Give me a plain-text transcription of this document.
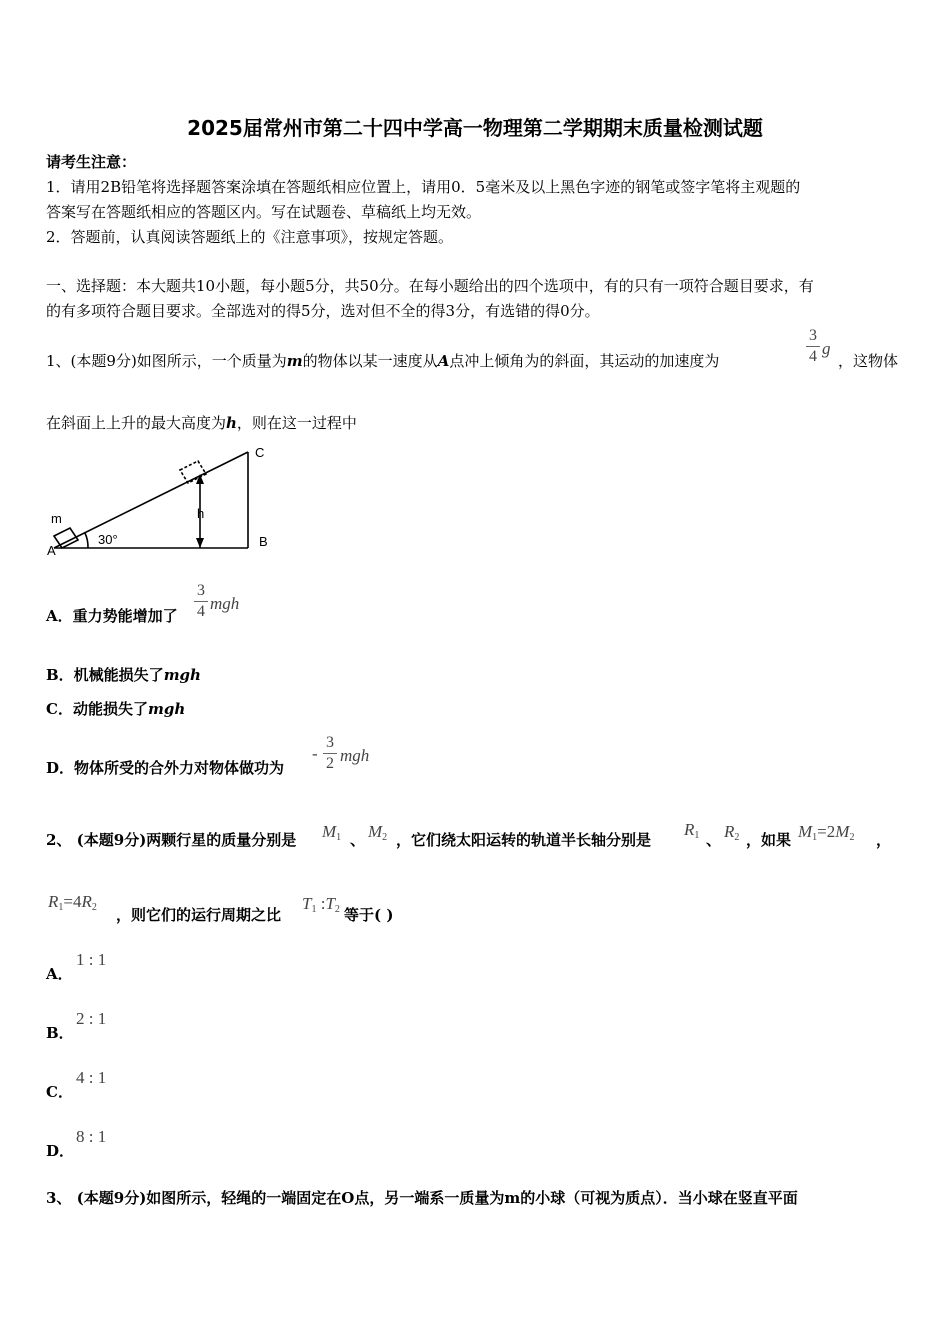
2025届常州市第二十四中学高一物理第二学期期末质量检测试题
请考生注意：
1．请用2B铅笔将选择题答案涂填在答题纸相应位置上，请用0．5毫米及以上黑色字迹的钢笔或签字笔将主观题的
答案写在答题纸相应的答题区内。写在试题卷、草稿纸上均无效。
2．答题前，认真阅读答题纸上的《注意事项》，按规定答题。
一、选择题：本大题共10小题，每小题5分，共50分。在每小题给出的四个选项中，有的只有一项符合题目要求，有
的有多项符合题目要求。全部选对的得5分，选对但不全的得3分，有选错的得0分。
1、(本题9分)如图所示，一个质量为m的物体以某一速度从A点冲上倾角为的斜面，其运动的加速度为
3
4 g
，这物体
在斜面上上升的最大高度为h，则在这一过程中
m
A
B
C
h
30°
A．重力势能增加了
3
4 mgh
B．机械能损失了mgh
C．动能损失了mgh
D．物体所受的合外力对物体做功为
-
3
2 mgh
2、 (本题9分)两颗行星的质量分别是 $M_1$ 、 $M_2$ ，它们绕太阳运转的轨道半长轴分别是
$R_1$ 、 $R_2$ ，如果 $M_1=2M_2$ ，
$R_1=4R_2$ ，则它们的运行周期之比
$T_1$ $:T_2$ 等于( )
A．
1 : 1
B．
2 : 1
C．
4 : 1
D．
8 : 1
3、 (本题9分)如图所示，轻绳的一端固定在O点，另一端系一质量为m的小球（可视为质点）．当小球在竖直平面
